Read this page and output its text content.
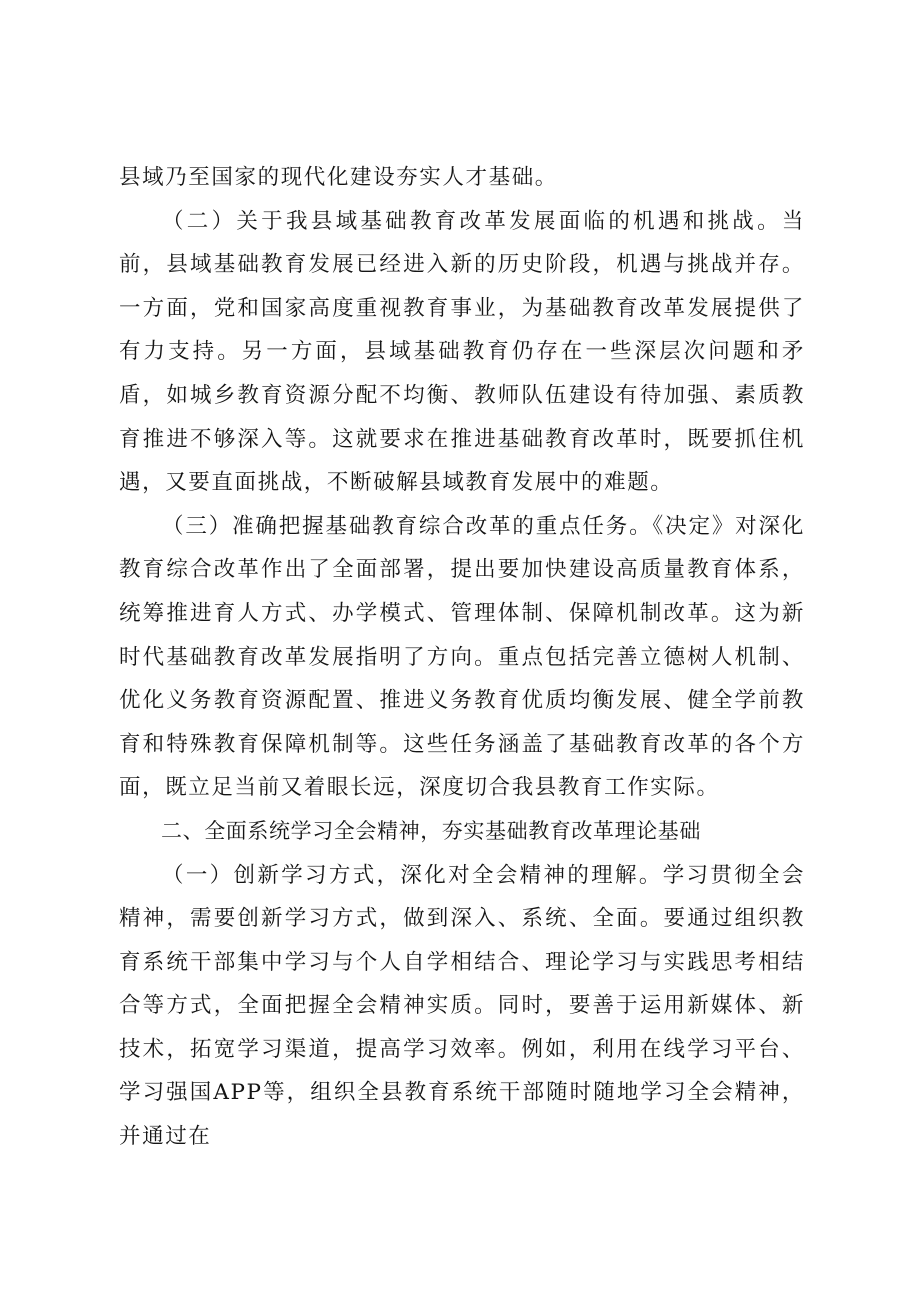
县域乃至国家的现代化建设夯实人才基础。

（二）关于我县域基础教育改革发展面临的机遇和挑战。当前，县域基础教育发展已经进入新的历史阶段，机遇与挑战并存。一方面，党和国家高度重视教育事业，为基础教育改革发展提供了有力支持。另一方面，县域基础教育仍存在一些深层次问题和矛盾，如城乡教育资源分配不均衡、教师队伍建设有待加强、素质教育推进不够深入等。这就要求在推进基础教育改革时，既要抓住机遇，又要直面挑战，不断破解县域教育发展中的难题。

（三）准确把握基础教育综合改革的重点任务。《决定》对深化教育综合改革作出了全面部署，提出要加快建设高质量教育体系，统筹推进育人方式、办学模式、管理体制、保障机制改革。这为新时代基础教育改革发展指明了方向。重点包括完善立德树人机制、优化义务教育资源配置、推进义务教育优质均衡发展、健全学前教育和特殊教育保障机制等。这些任务涵盖了基础教育改革的各个方面，既立足当前又着眼长远，深度切合我县教育工作实际。

二、全面系统学习全会精神，夯实基础教育改革理论基础

（一）创新学习方式，深化对全会精神的理解。学习贯彻全会精神，需要创新学习方式，做到深入、系统、全面。要通过组织教育系统干部集中学习与个人自学相结合、理论学习与实践思考相结合等方式，全面把握全会精神实质。同时，要善于运用新媒体、新技术，拓宽学习渠道，提高学习效率。例如，利用在线学习平台、学习强国APP等，组织全县教育系统干部随时随地学习全会精神，并通过在
